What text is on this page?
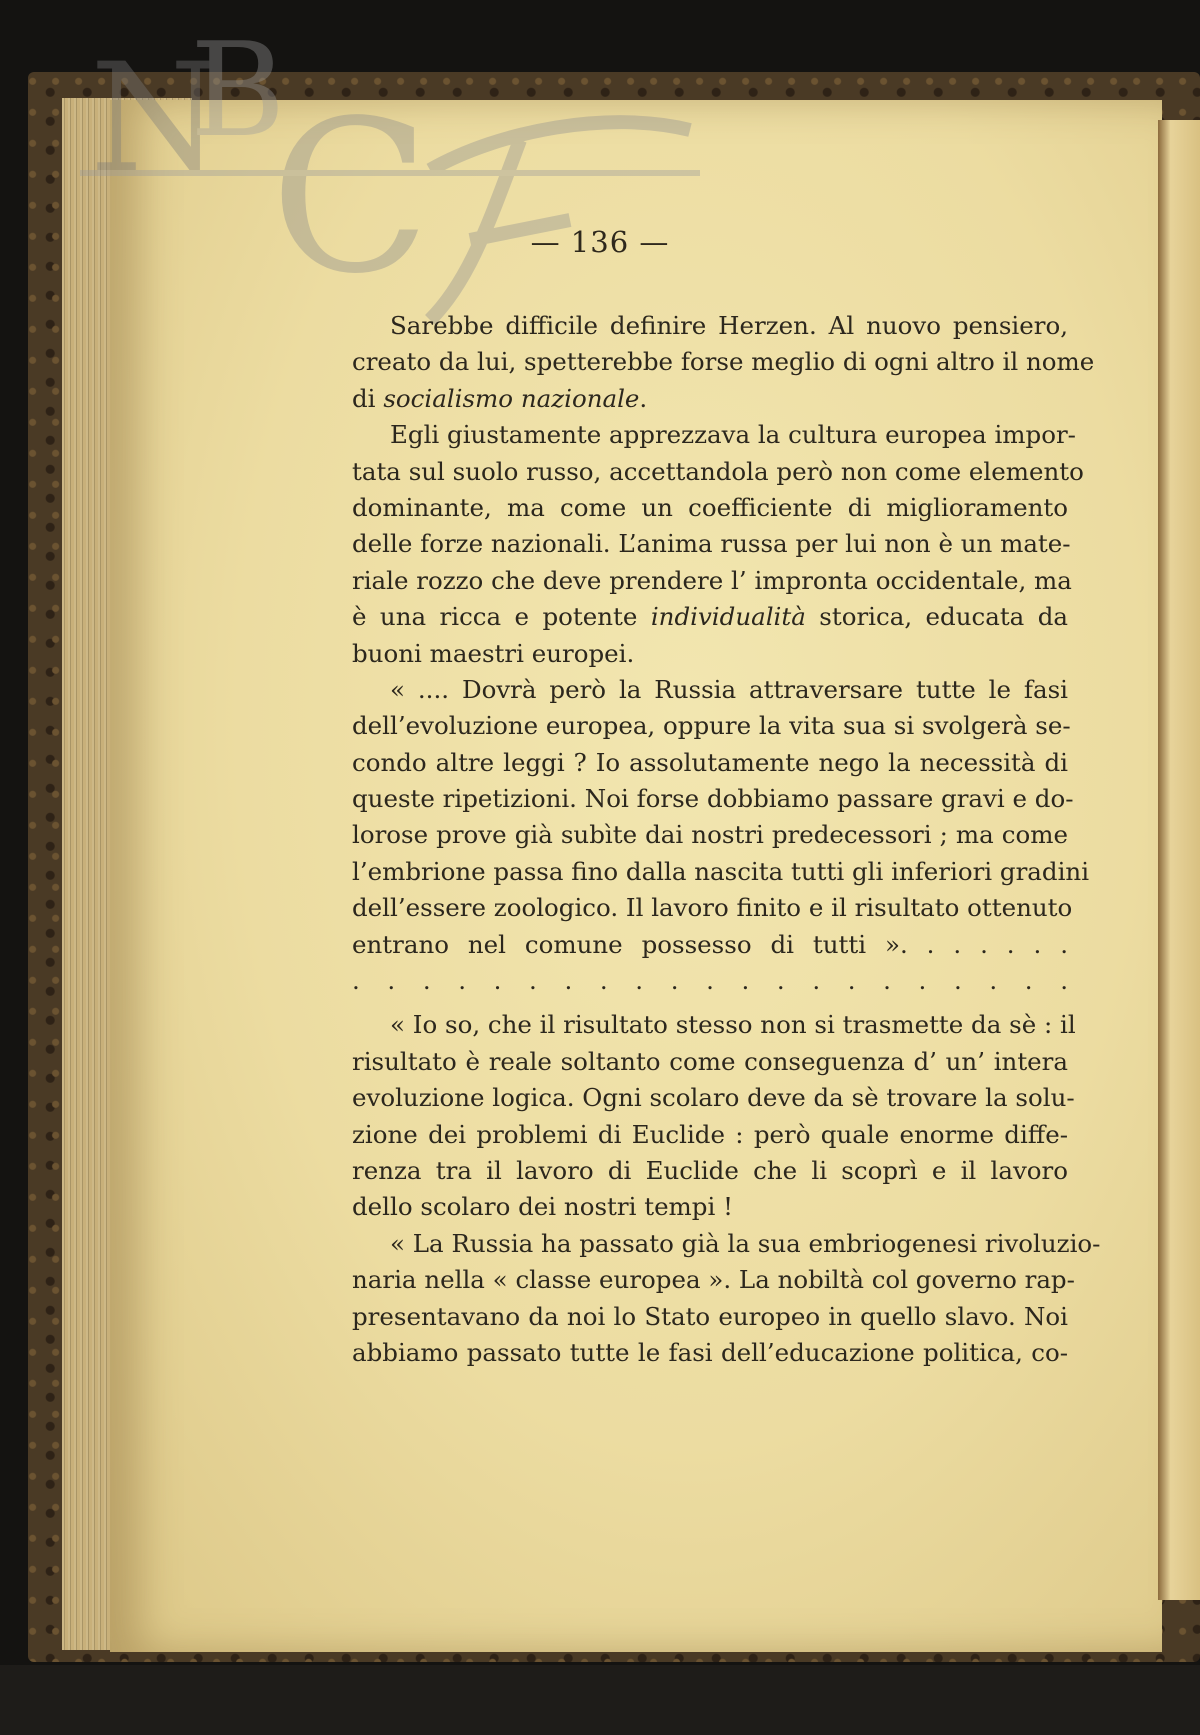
N
B
C	— 136 —
Sarebbe difficile definire Herzen. Al nuovo pensiero,
creato da lui, spetterebbe forse meglio di ogni altro il nome
di socialismo nazionale.
Egli giustamente apprezzava la cultura europea impor-
tata sul suolo russo, accettandola però non come elemento
dominante, ma come un coefficiente di miglioramento
delle forze nazionali. L’anima russa per lui non è un mate-
riale rozzo che deve prendere l’ impronta occidentale, ma
è una ricca e potente individualità storica, educata da
buoni maestri europei.
« .... Dovrà però la Russia attraversare tutte le fasi
dell’evoluzione europea, oppure la vita sua si svolgerà se-
condo altre leggi ? Io assolutamente nego la necessità di
queste ripetizioni. Noi forse dobbiamo passare gravi e do-
lorose prove già subìte dai nostri predecessori ; ma come
l’embrione passa fino dalla nascita tutti gli inferiori gradini
dell’essere zoologico. Il lavoro finito e il risultato ottenuto
entrano nel comune possesso di tutti ». . . . . . .
. . . . . . . . . . . . . . . . . . . . .
« Io so, che il risultato stesso non si trasmette da sè : il
risultato è reale soltanto come conseguenza d’ un’ intera
evoluzione logica. Ogni scolaro deve da sè trovare la solu-
zione dei problemi di Euclide : però quale enorme diffe-
renza tra il lavoro di Euclide che li scoprì e il lavoro
dello scolaro dei nostri tempi !
« La Russia ha passato già la sua embriogenesi rivoluzio-
naria nella « classe europea ». La nobiltà col governo rap-
presentavano da noi lo Stato europeo in quello slavo. Noi
abbiamo passato tutte le fasi dell’educazione politica, co-
